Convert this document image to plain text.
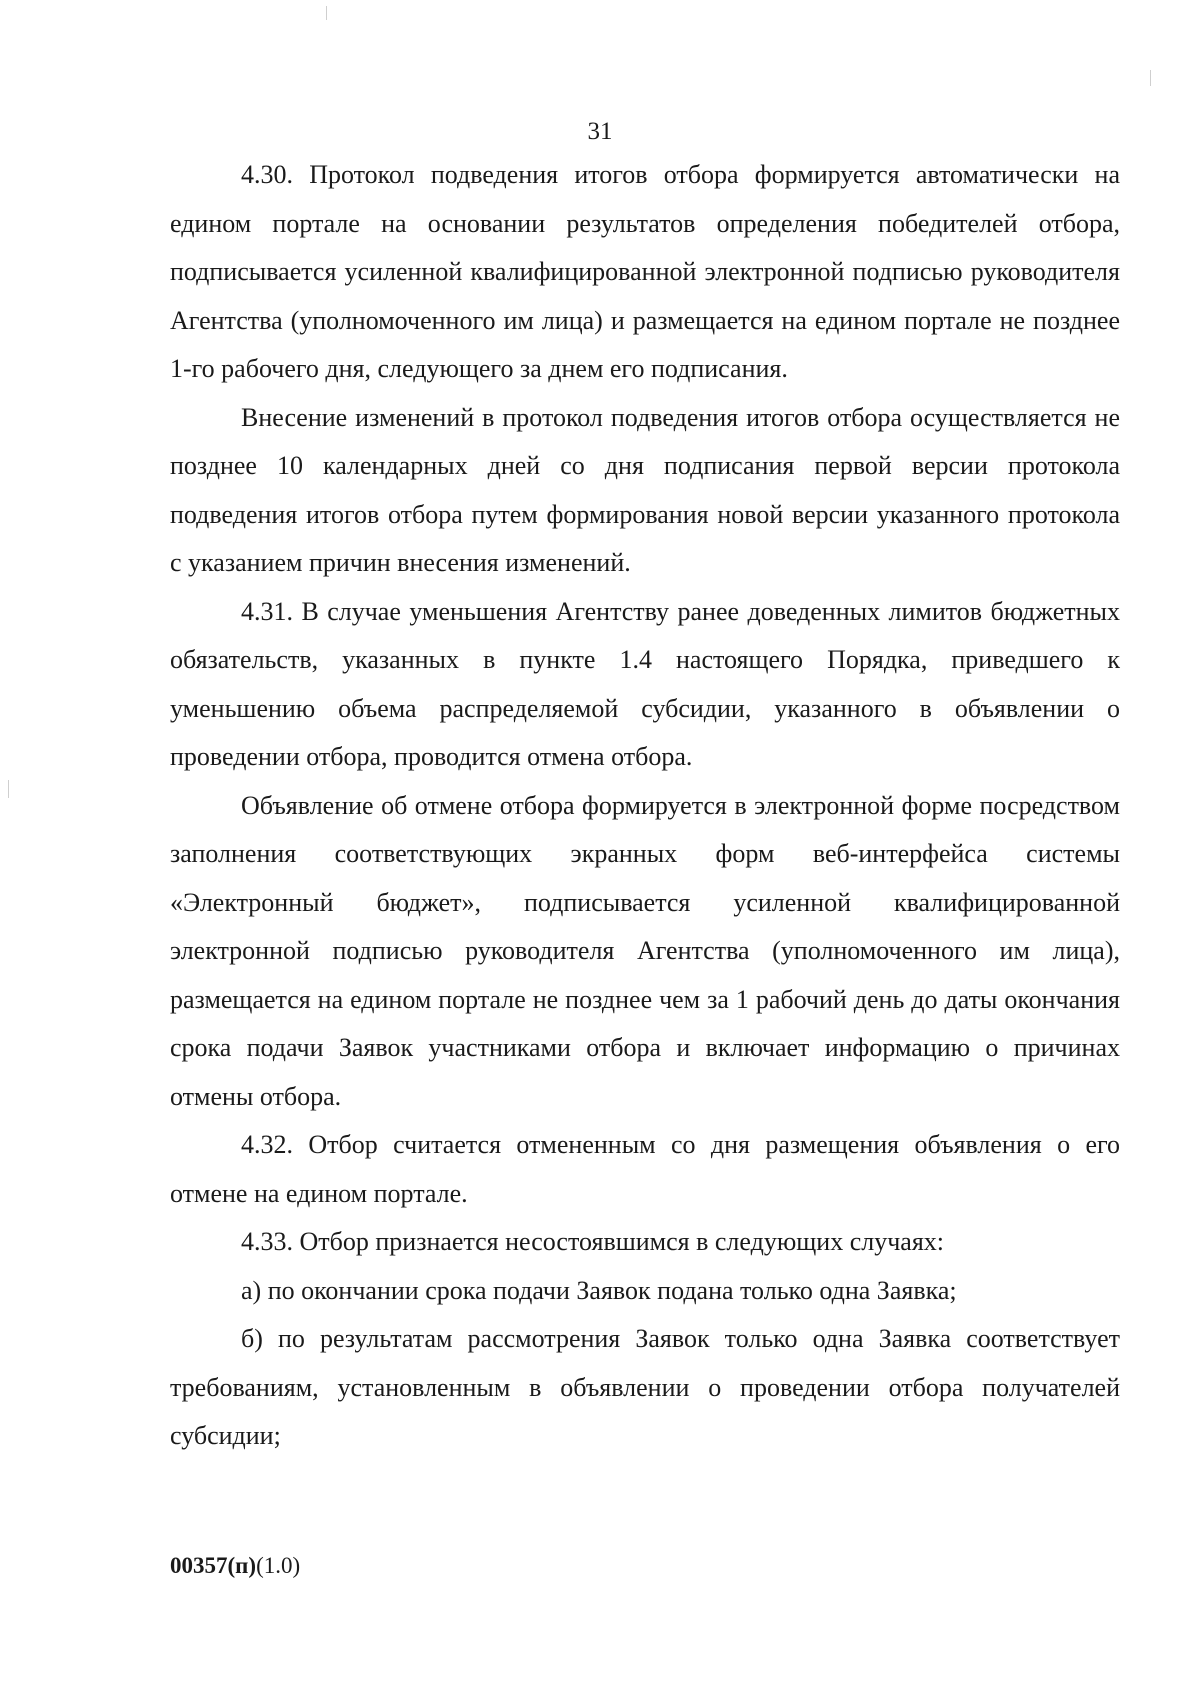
31

4.30. Протокол подведения итогов отбора формируется автоматически на едином портале на основании результатов определения победителей отбора, подписывается усиленной квалифицированной электронной подписью руководителя Агентства (уполномоченного им лица) и размещается на едином портале не позднее 1-го рабочего дня, следующего за днем его подписания.

Внесение изменений в протокол подведения итогов отбора осуществляется не позднее 10 календарных дней со дня подписания первой версии протокола подведения итогов отбора путем формирования новой версии указанного протокола с указанием причин внесения изменений.

4.31. В случае уменьшения Агентству ранее доведенных лимитов бюджетных обязательств, указанных в пункте 1.4 настоящего Порядка, приведшего к уменьшению объема распределяемой субсидии, указанного в объявлении о проведении отбора, проводится отмена отбора.

Объявление об отмене отбора формируется в электронной форме посредством заполнения соответствующих экранных форм веб-интерфейса системы «Электронный бюджет», подписывается усиленной квалифицированной электронной подписью руководителя Агентства (уполномоченного им лица), размещается на едином портале не позднее чем за 1 рабочий день до даты окончания срока подачи Заявок участниками отбора и включает информацию о причинах отмены отбора.

4.32. Отбор считается отмененным со дня размещения объявления о его отмене на едином портале.

4.33. Отбор признается несостоявшимся в следующих случаях:

а) по окончании срока подачи Заявок подана только одна Заявка;

б) по результатам рассмотрения Заявок только одна Заявка соответствует требованиям, установленным в объявлении о проведении отбора получателей субсидии;

00357(п)(1.0)
